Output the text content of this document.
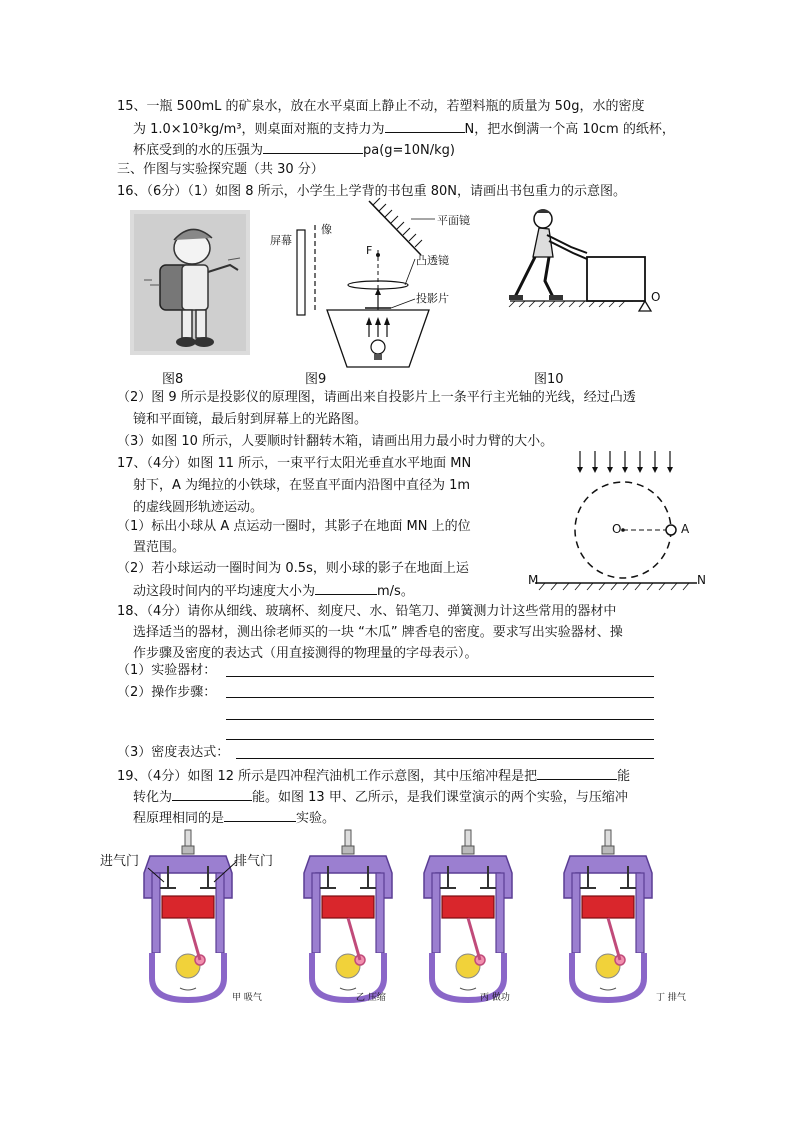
15、一瓶 500mL 的矿泉水，放在水平桌面上静止不动，若塑料瓶的质量为 50g，水的密度
为 1.0×10³kg/m³，则桌面对瓶的支持力为	N，把水倒满一个高 10cm 的纸杯，
杯底受到的水的压强为	pa(g=10N/kg)
三、作图与实验探究题（共 30 分）
16、（6分）（1）如图 8 所示，小学生上学背的书包重 80N，请画出书包重力的示意图。
屏幕
像
平面镜
F
凸透镜
投影片	O
图8	图9	图10
（2）图 9 所示是投影仪的原理图，请画出来自投影片上一条平行主光轴的光线，经过凸透
镜和平面镜，最后射到屏幕上的光路图。
（3）如图 10 所示，人要顺时针翻转木箱，请画出用力最小时力臂的大小。
17、（4分）如图 11 所示，一束平行太阳光垂直水平地面 MN
射下，A 为绳拉的小铁球，在竖直平面内沿图中直径为 1m
的虚线圆形轨迹运动。
（1）标出小球从 A 点运动一圈时，其影子在地面 MN 上的位
置范围。
（2）若小球运动一圈时间为 0.5s，则小球的影子在地面上运
动这段时间内的平均速度大小为	m/s。
O	A
M	N
18、（4分）请你从细线、玻璃杯、刻度尺、水、铅笔刀、弹簧测力计这些常用的器材中
选择适当的器材，测出徐老师买的一块 “木瓜” 牌香皂的密度。要求写出实验器材、操
作步骤及密度的表达式（用直接测得的物理量的字母表示）。
（1）实验器材：
（2）操作步骤：
（3）密度表达式：
19、（4分）如图 12 所示是四冲程汽油机工作示意图，其中压缩冲程是把	能
转化为	能。如图 13 甲、乙所示，是我们课堂演示的两个实验，与压缩冲
程原理相同的是	实验。
进气门	排气门
甲 吸气	乙 压缩	丙 做功	丁 排气
